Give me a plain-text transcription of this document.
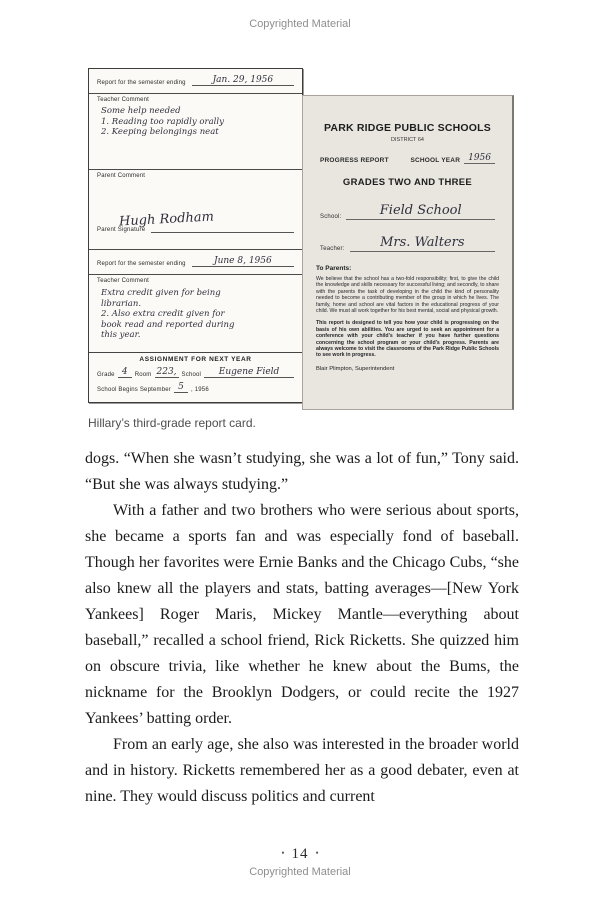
Copyrighted Material
Report for the semester ending	Jan. 29, 1956
Teacher Comment
Some help needed
1. Reading too rapidly orally
2. Keeping belongings neat
Parent Comment
Hugh Rodham
Parent Signature
Report for the semester ending	June 8, 1956
Teacher Comment
Extra credit given for being
librarian.
2. Also extra credit given for
book read and reported during
this year.
ASSIGNMENT FOR NEXT YEAR
Grade 4	Room 223, School	Eugene Field
School Begins September 5	, 1956
PARK RIDGE PUBLIC SCHOOLS
DISTRICT 64
PROGRESS REPORT	SCHOOL YEAR 1956
GRADES TWO AND THREE
School:	Field School
Teacher:	Mrs. Walters
To Parents:
We believe that the school has a two-fold responsibility; first, to give the child the knowledge and skills necessary for successful living; and secondly, to share with the parents the task of developing in the child the kind of personality needed to become a contributing member of the group in which he lives. The family, home and school are vital factors in the educational progress of your child. We must all work together for his best mental, social and physical growth.
This report is designed to tell you how your child is progressing on the basis of his own abilities. You are urged to seek an appointment for a conference with your child’s teacher if you have further questions concerning the school program or your child’s progress. Parents are always welcome to visit the classrooms of the Park Ridge Public Schools to see work in progress.
Blair Plimpton, Superintendent
Hillary’s third-grade report card.

dogs. “When she wasn’t studying, she was a lot of fun,” Tony said. “But she was always studying.”

With a father and two brothers who were serious about sports, she became a sports fan and was especially fond of baseball. Though her favorites were Ernie Banks and the Chicago Cubs, “she also knew all the players and stats, batting averages—[New York Yankees] Roger Maris, Mickey Mantle—everything about baseball,” recalled a school friend, Rick Ricketts. She quizzed him on obscure trivia, like whether he knew about the Bums, the nickname for the Brooklyn Dodgers, or could recite the 1927 Yankees’ batting order.

From an early age, she also was interested in the broader world and in history. Ricketts remembered her as a good debater, even at nine. They would discuss politics and current

• 14 •
Copyrighted Material
